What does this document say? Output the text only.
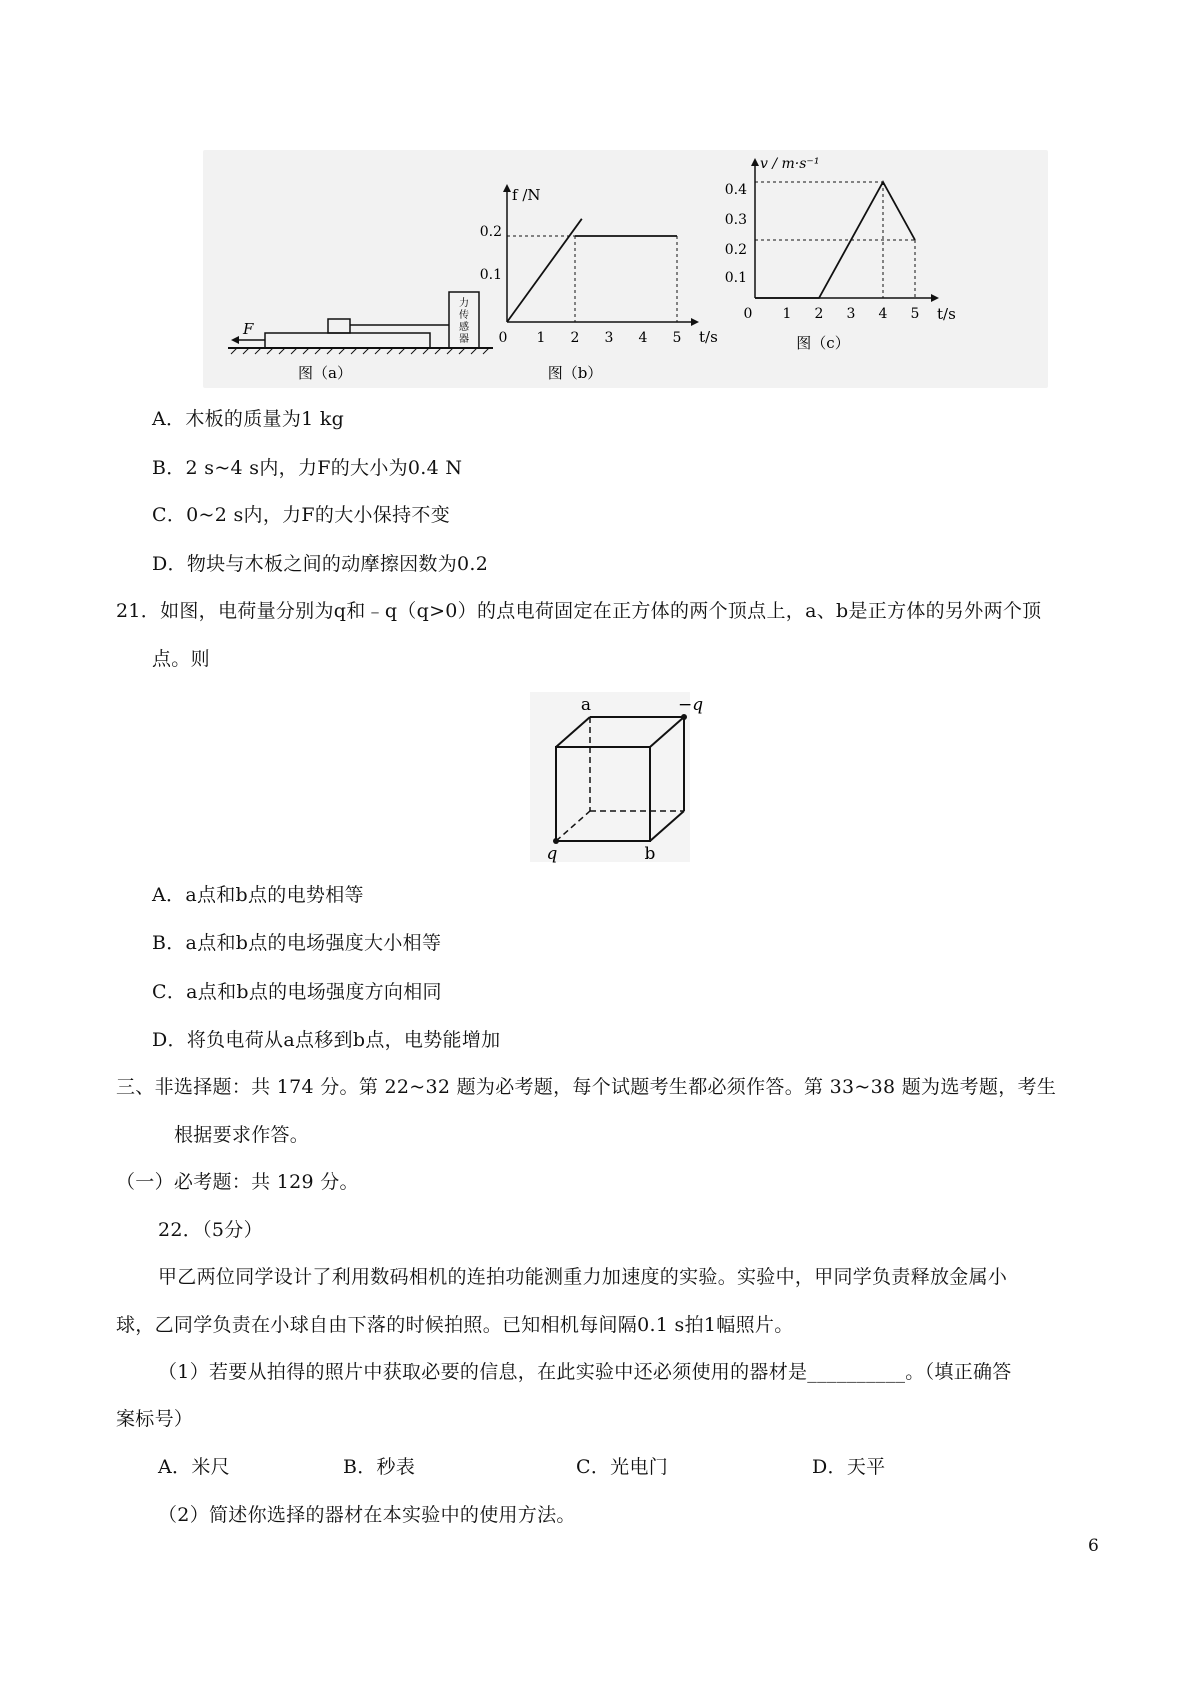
力
传
感
器
F
图（a）
f /N
t/s
0.2
0.1
0 1 2 3 4 5
图（b）
v / m·s⁻¹
t/s
0.4
0.3
0.2
0.1
0 1 2 3 4 5
图（c）
A．木板的质量为1 kg
B．2 s~4 s内，力F的大小为0.4 N
C．0~2 s内，力F的大小保持不变
D．物块与木板之间的动摩擦因数为0.2
21．如图，电荷量分别为q和﹣q（q>0）的点电荷固定在正方体的两个顶点上，a、b是正方体的另外两个顶
点。则
a	−q
q	b
A．a点和b点的电势相等
B．a点和b点的电场强度大小相等
C．a点和b点的电场强度方向相同
D．将负电荷从a点移到b点，电势能增加
三、非选择题：共 174 分。第 22~32 题为必考题，每个试题考生都必须作答。第 33~38 题为选考题，考生
根据要求作答。
（一）必考题：共 129 分。
22．（5分）
甲乙两位同学设计了利用数码相机的连拍功能测重力加速度的实验。实验中，甲同学负责释放金属小
球，乙同学负责在小球自由下落的时候拍照。已知相机每间隔0.1 s拍1幅照片。
（1）若要从拍得的照片中获取必要的信息，在此实验中还必须使用的器材是__________。（填正确答
案标号）
A．米尺	B．秒表	C．光电门	D．天平
（2）简述你选择的器材在本实验中的使用方法。
6
